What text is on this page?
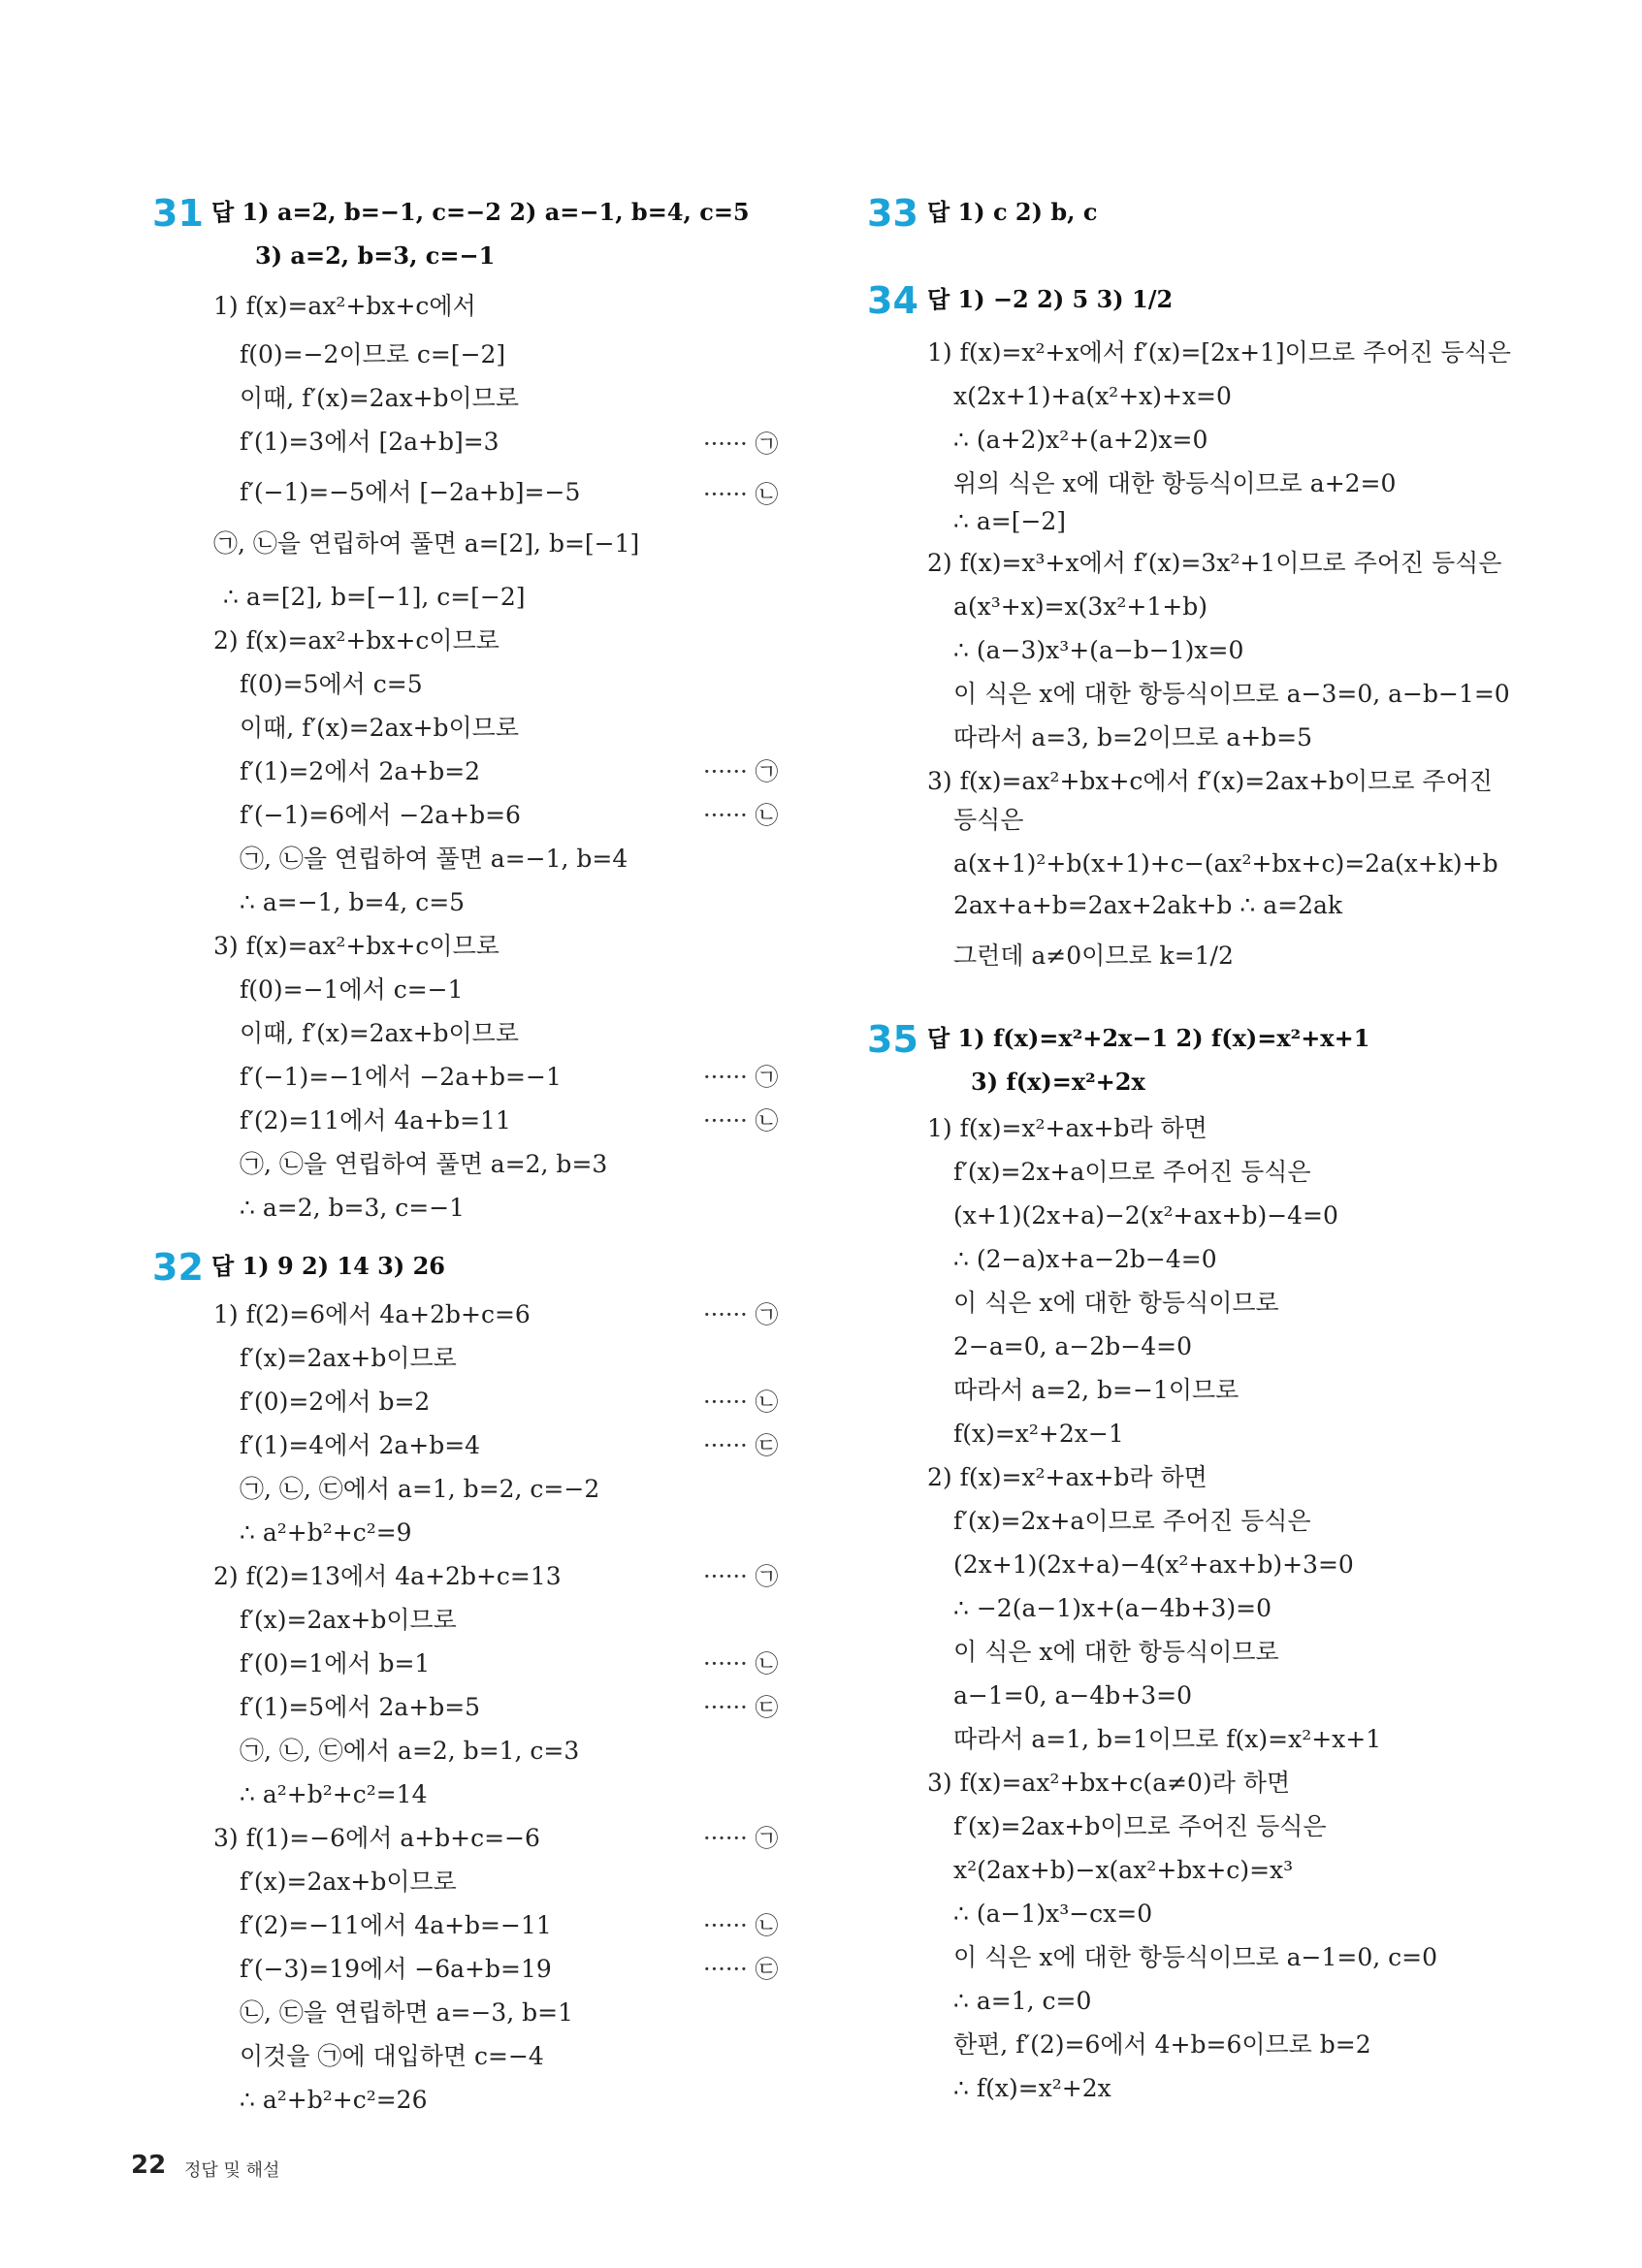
31 답 1) a=2, b=−1, c=−2 2) a=−1, b=4, c=5
3) a=2, b=3, c=−1
1) f(x)=ax²+bx+c에서
f(0)=−2이므로 c=[−2]
이때, f′(x)=2ax+b이므로
f′(1)=3에서 [2a+b]=3	······ ㉠
f′(−1)=−5에서 [−2a+b]=−5	······ ㉡
㉠, ㉡을 연립하여 풀면 a=[2], b=[−1]
∴ a=[2], b=[−1], c=[−2]
2) f(x)=ax²+bx+c이므로
f(0)=5에서 c=5
이때, f′(x)=2ax+b이므로
f′(1)=2에서 2a+b=2	······ ㉠
f′(−1)=6에서 −2a+b=6	······ ㉡
㉠, ㉡을 연립하여 풀면 a=−1, b=4
∴ a=−1, b=4, c=5
3) f(x)=ax²+bx+c이므로
f(0)=−1에서 c=−1
이때, f′(x)=2ax+b이므로
f′(−1)=−1에서 −2a+b=−1	······ ㉠
f′(2)=11에서 4a+b=11	······ ㉡
㉠, ㉡을 연립하여 풀면 a=2, b=3
∴ a=2, b=3, c=−1
32 답 1) 9 2) 14 3) 26
1) f(2)=6에서 4a+2b+c=6	······ ㉠
f′(x)=2ax+b이므로
f′(0)=2에서 b=2	······ ㉡
f′(1)=4에서 2a+b=4	······ ㉢
㉠, ㉡, ㉢에서 a=1, b=2, c=−2
∴ a²+b²+c²=9
2) f(2)=13에서 4a+2b+c=13	······ ㉠
f′(x)=2ax+b이므로
f′(0)=1에서 b=1	······ ㉡
f′(1)=5에서 2a+b=5	······ ㉢
㉠, ㉡, ㉢에서 a=2, b=1, c=3
∴ a²+b²+c²=14
3) f(1)=−6에서 a+b+c=−6	······ ㉠
f′(x)=2ax+b이므로
f′(2)=−11에서 4a+b=−11	······ ㉡
f′(−3)=19에서 −6a+b=19	······ ㉢
㉡, ㉢을 연립하면 a=−3, b=1
이것을 ㉠에 대입하면 c=−4
∴ a²+b²+c²=26
33 답 1) c 2) b, c
34 답 1) −2 2) 5 3) 1/2
1) f(x)=x²+x에서 f′(x)=[2x+1]이므로 주어진 등식은
x(2x+1)+a(x²+x)+x=0
∴ (a+2)x²+(a+2)x=0
위의 식은 x에 대한 항등식이므로 a+2=0
∴ a=[−2]
2) f(x)=x³+x에서 f′(x)=3x²+1이므로 주어진 등식은
a(x³+x)=x(3x²+1+b)
∴ (a−3)x³+(a−b−1)x=0
이 식은 x에 대한 항등식이므로 a−3=0, a−b−1=0
따라서 a=3, b=2이므로 a+b=5
3) f(x)=ax²+bx+c에서 f′(x)=2ax+b이므로 주어진
등식은
a(x+1)²+b(x+1)+c−(ax²+bx+c)=2a(x+k)+b
2ax+a+b=2ax+2ak+b ∴ a=2ak
그런데 a≠0이므로 k=1/2
35 답 1) f(x)=x²+2x−1 2) f(x)=x²+x+1
3) f(x)=x²+2x
1) f(x)=x²+ax+b라 하면
f′(x)=2x+a이므로 주어진 등식은
(x+1)(2x+a)−2(x²+ax+b)−4=0
∴ (2−a)x+a−2b−4=0
이 식은 x에 대한 항등식이므로
2−a=0, a−2b−4=0
따라서 a=2, b=−1이므로
f(x)=x²+2x−1
2) f(x)=x²+ax+b라 하면
f′(x)=2x+a이므로 주어진 등식은
(2x+1)(2x+a)−4(x²+ax+b)+3=0
∴ −2(a−1)x+(a−4b+3)=0
이 식은 x에 대한 항등식이므로
a−1=0, a−4b+3=0
따라서 a=1, b=1이므로 f(x)=x²+x+1
3) f(x)=ax²+bx+c(a≠0)라 하면
f′(x)=2ax+b이므로 주어진 등식은
x²(2ax+b)−x(ax²+bx+c)=x³
∴ (a−1)x³−cx=0
이 식은 x에 대한 항등식이므로 a−1=0, c=0
∴ a=1, c=0
한편, f′(2)=6에서 4+b=6이므로 b=2
∴ f(x)=x²+2x
22 정답 및 해설
